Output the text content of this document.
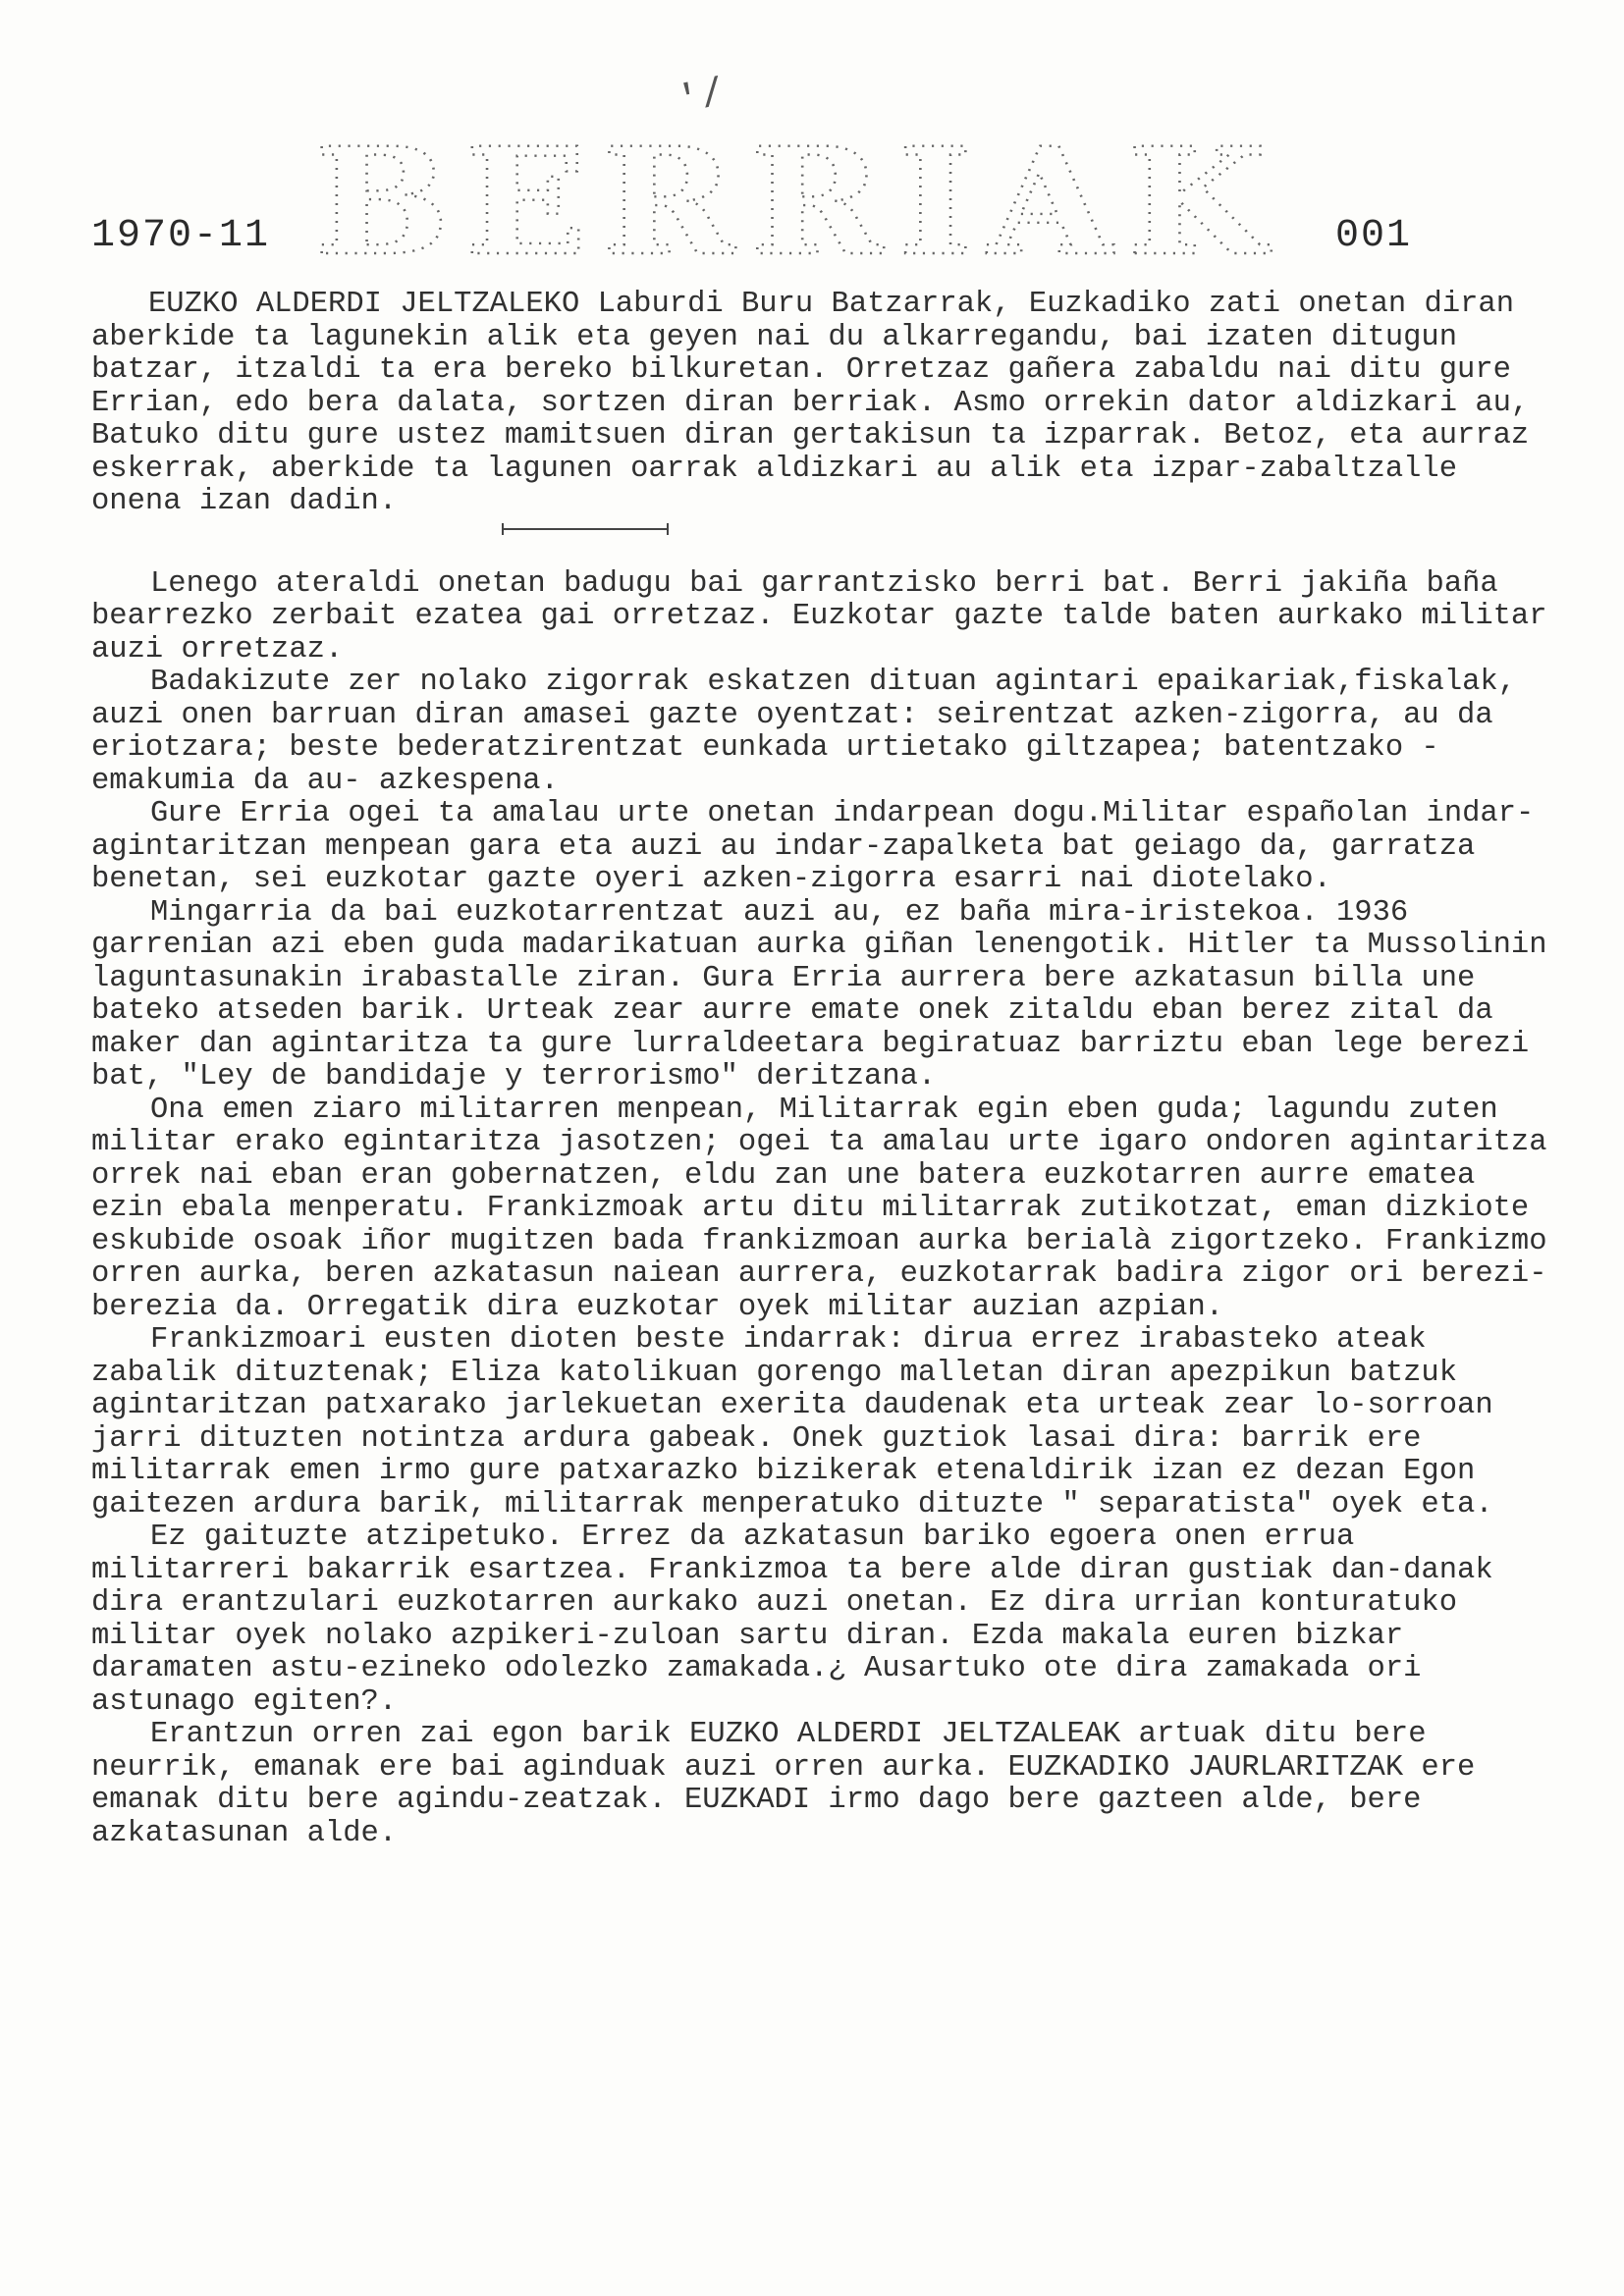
ʹ/
BERRIAK
1970-11	001

EUZKO ALDERDI JELTZALEKO Laburdi Buru Batzarrak, Euzkadiko zati onetan diran aberkide ta lagunekin alik eta geyen nai du alkarregandu, bai izaten ditugun batzar, itzaldi ta era bereko bilkuretan. Orretzaz gañera zabaldu nai ditu gure Errian, edo bera dalata, sortzen diran berriak. Asmo orrekin dator aldizkari au, Batuko ditu gure ustez mamitsuen diran gertakisun ta izparrak. Betoz, eta aurraz eskerrak, aberkide ta lagunen oarrak aldizkari au alik eta izpar-zabaltzalle onena izan dadin.

Lenego ateraldi onetan badugu bai garrantzisko berri bat. Berri jakiña baña bearrezko zerbait ezatea gai orretzaz. Euzkotar gazte talde baten aurkako militar auzi orretzaz.

Badakizute zer nolako zigorrak eskatzen dituan agintari epaikariak,fiskalak, auzi onen barruan diran amasei gazte oyentzat: seirentzat azken-zigorra, au da eriotzara; beste bederatzirentzat eunkada urtietako giltzapea; batentzako -emakumia da au- azkespena.

Gure Erria ogei ta amalau urte onetan indarpean dogu.Militar españolan indar-agintaritzan menpean gara eta auzi au indar-zapalketa bat geiago da, garratza benetan, sei euzkotar gazte oyeri azken-zigorra esarri nai diotelako.

Mingarria da bai euzkotarrentzat auzi au, ez baña mira-iristekoa. 1936 garrenian azi eben guda madarikatuan aurka giñan lenengotik. Hitler ta Mussolinin laguntasunakin irabastalle ziran. Gura Erria aurrera bere azkatasun billa une bateko atseden barik. Urteak zear aurre emate onek zitaldu eban berez zital da maker dan agintaritza ta gure lurraldeetara begiratuaz barriztu eban lege berezi bat, "Ley de bandidaje y terrorismo" deritzana.

Ona emen ziaro militarren menpean, Militarrak egin eben guda; lagundu zuten militar erako egintaritza jasotzen; ogei ta amalau urte igaro ondoren agintaritza orrek nai eban eran gobernatzen, eldu zan une batera euzkotarren aurre ematea ezin ebala menperatu. Frankizmoak artu ditu militarrak zutikotzat, eman dizkiote eskubide osoak iñor mugitzen bada frankizmoan aurka berialà zigortzeko. Frankizmo orren aurka, beren azkatasun naiean aurrera, euzkotarrak badira zigor ori berezi-berezia da. Orregatik dira euzkotar oyek militar auzian azpian.

Frankizmoari eusten dioten beste indarrak: dirua errez irabasteko ateak zabalik dituztenak; Eliza katolikuan gorengo malletan diran apezpikun batzuk agintaritzan patxarako jarlekuetan exerita daudenak eta urteak zear lo-sorroan jarri dituzten notintza ardura gabeak. Onek guztiok lasai dira: barrik ere militarrak emen irmo gure patxarazko bizikerak etenaldirik izan ez dezan Egon gaitezen ardura barik, militarrak menperatuko dituzte " separatista" oyek eta.

Ez gaituzte atzipetuko. Errez da azkatasun bariko egoera onen errua militarreri bakarrik esartzea. Frankizmoa ta bere alde diran gustiak dan-danak dira erantzulari euzkotarren aurkako auzi onetan. Ez dira urrian konturatuko militar oyek nolako azpikeri-zuloan sartu diran. Ezda makala euren bizkar daramaten astu-ezineko odolezko zamakada.¿ Ausartuko ote dira zamakada ori astunago egiten?.

Erantzun orren zai egon barik EUZKO ALDERDI JELTZALEAK artuak ditu bere neurrik, emanak ere bai aginduak auzi orren aurka. EUZKADIKO JAURLARITZAK ere emanak ditu bere agindu-zeatzak. EUZKADI irmo dago bere gazteen alde, bere azkatasunan alde.
